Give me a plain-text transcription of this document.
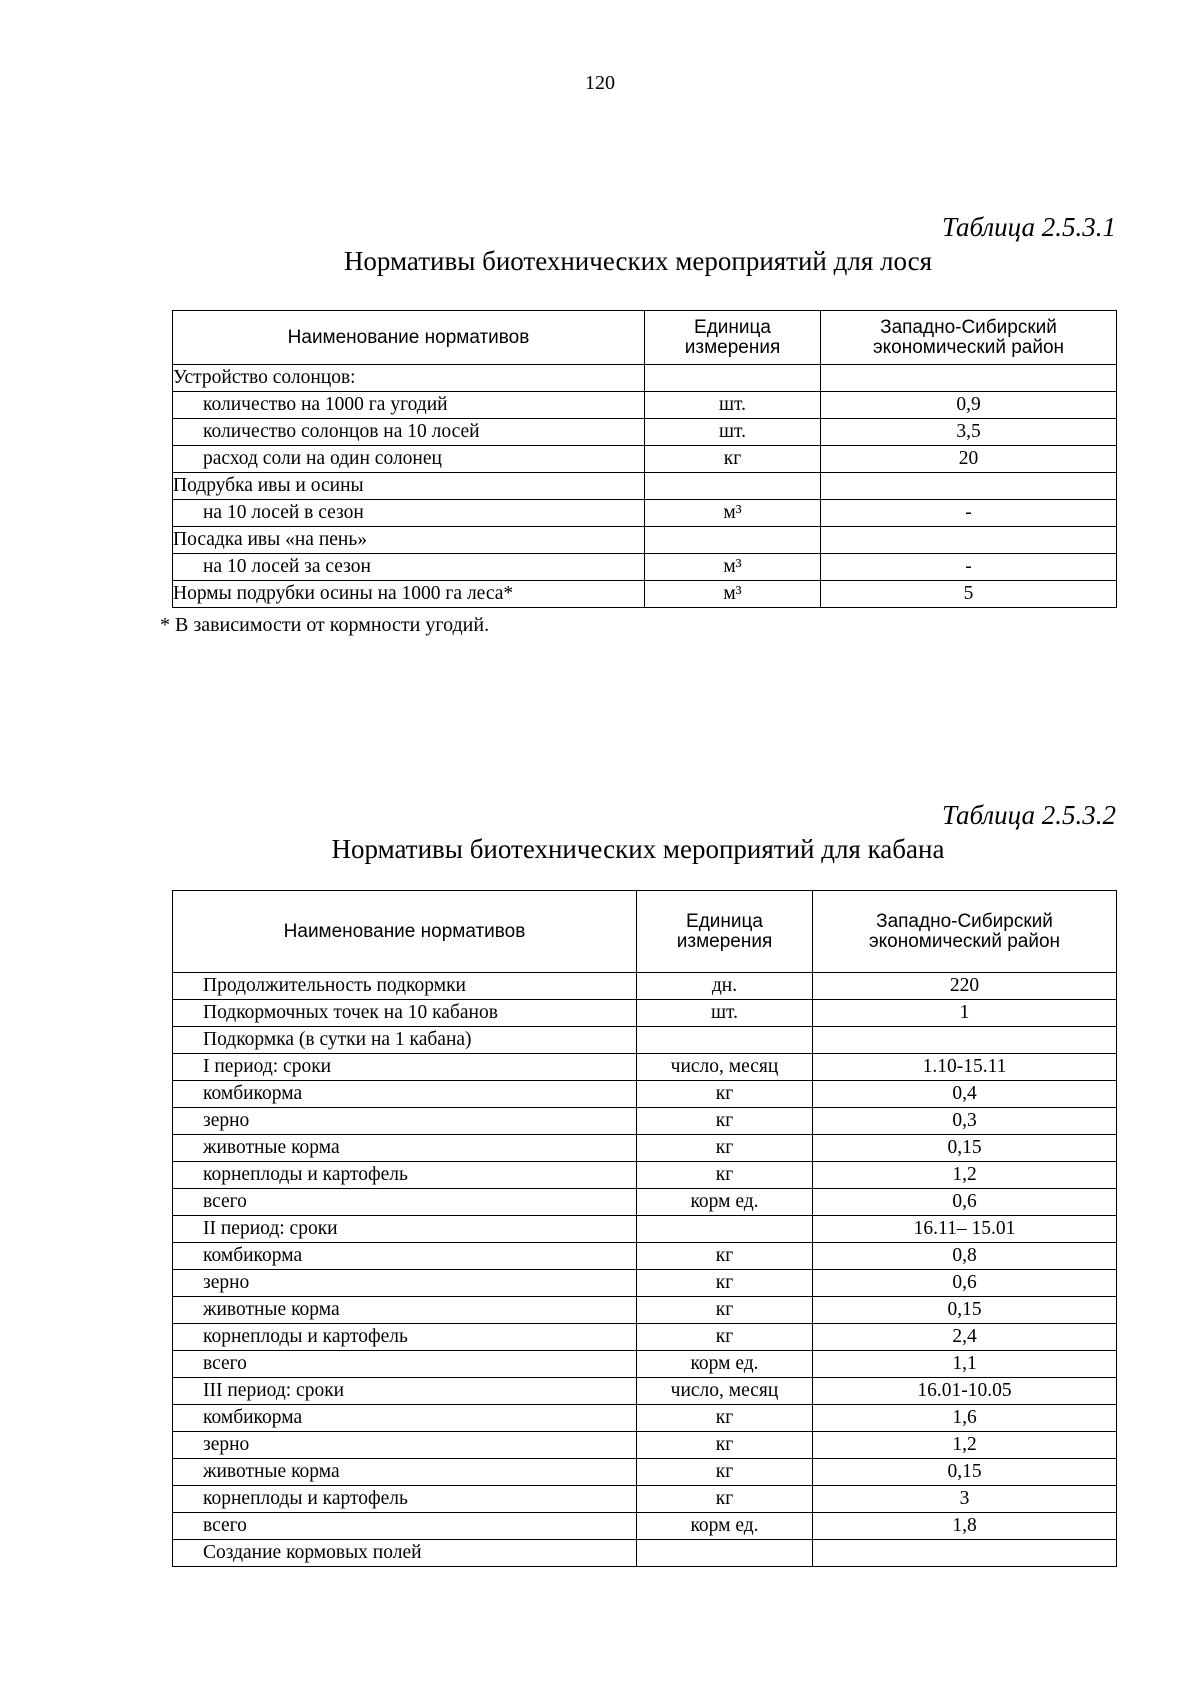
120
Таблица 2.5.3.1
Нормативы биотехнических мероприятий для лося
Наименование нормативов	Единица измерения	Западно-Сибирский экономический район
Устройство солонцов:		
количество на 1000 га угодий	шт.	0,9
количество солонцов на 10 лосей	шт.	3,5
расход соли на один солонец	кг	20
Подрубка ивы и осины		
на 10 лосей в сезон	м³	-
Посадка ивы «на пень»		
на 10 лосей за сезон	м³	-
Нормы подрубки осины на 1000 га леса*	м³	5
* В зависимости от кормности угодий.
Таблица 2.5.3.2
Нормативы биотехнических мероприятий для кабана
Наименование нормативов	Единица измерения	Западно-Сибирский экономический район
Продолжительность подкормки	дн.	220
Подкормочных точек на 10 кабанов	шт.	1
Подкормка (в сутки на 1 кабана)		
I период: сроки	число, месяц	1.10-15.11
комбикорма	кг	0,4
зерно	кг	0,3
животные корма	кг	0,15
корнеплоды и картофель	кг	1,2
всего	корм ед.	0,6
II период: сроки		16.11– 15.01
комбикорма	кг	0,8
зерно	кг	0,6
животные корма	кг	0,15
корнеплоды и картофель	кг	2,4
всего	корм ед.	1,1
III период: сроки	число, месяц	16.01-10.05
комбикорма	кг	1,6
зерно	кг	1,2
животные корма	кг	0,15
корнеплоды и картофель	кг	3
всего	корм ед.	1,8
Создание кормовых полей		
